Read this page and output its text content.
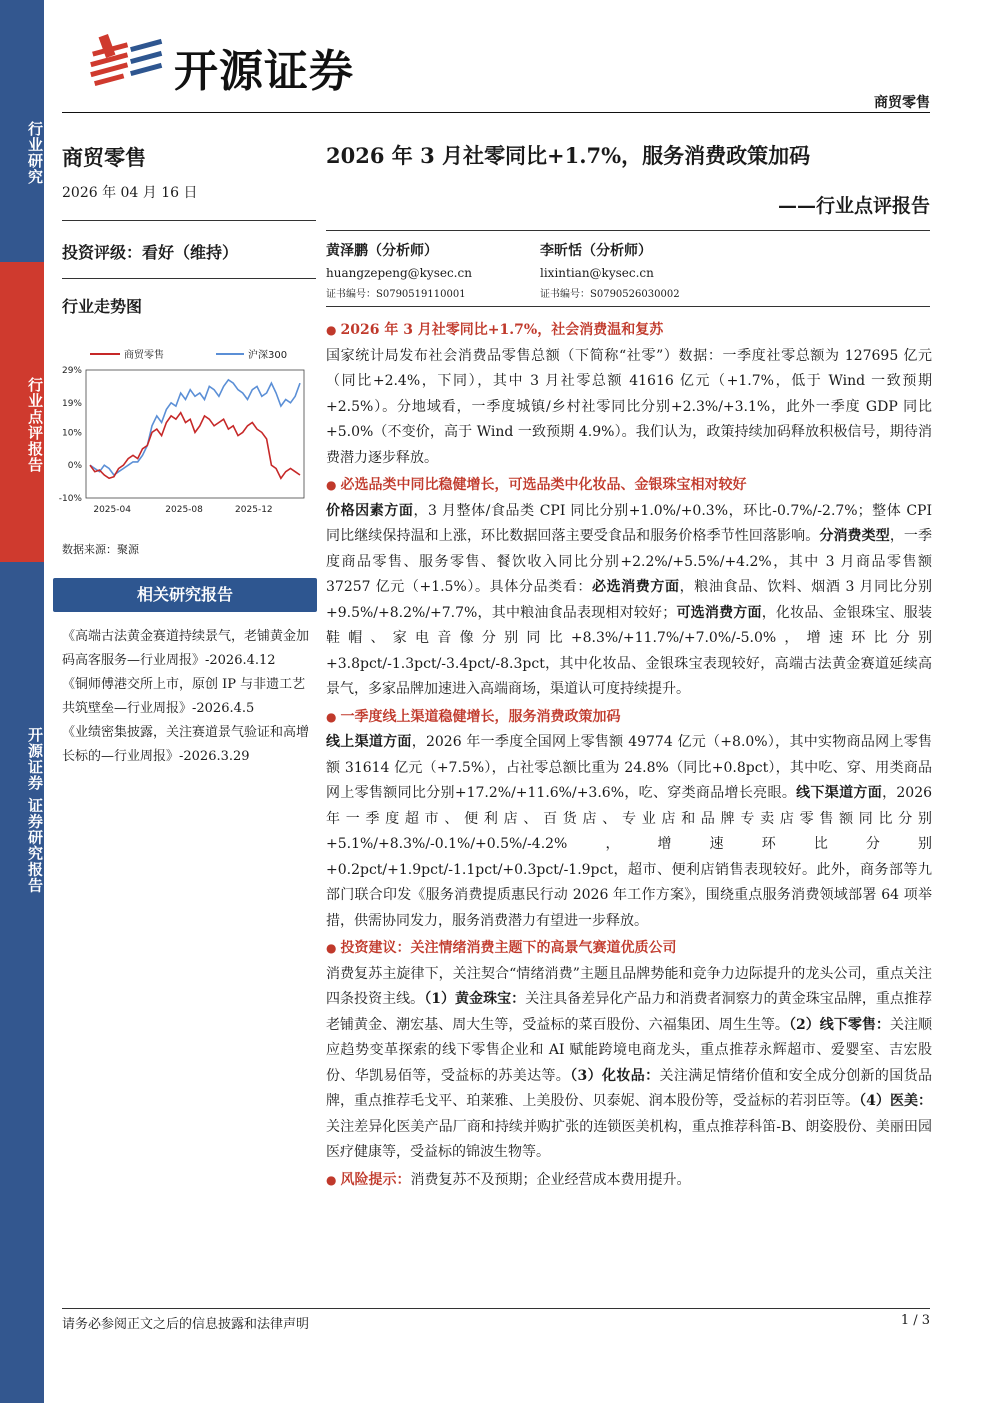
行业研究
行业点评报告
开源证券 证券研究报告
开源证券
商贸零售
商贸零售
2026 年 04 月 16 日
投资评级：看好（维持）
行业走势图
商贸零售	沪深300
29%
19%
10%
0%
-10%
2025-04	2025-08	2025-12
数据来源：聚源
相关研究报告
《高端古法黄金赛道持续景气，老铺黄金加码高客服务—行业周报》-2026.4.12
《铜师傅港交所上市，原创 IP 与非遗工艺共筑壁垒—行业周报》-2026.4.5
《业绩密集披露，关注赛道景气验证和高增长标的—行业周报》-2026.3.29
2026 年 3 月社零同比+1.7%，服务消费政策加码
——行业点评报告
黄泽鹏（分析师）
huangzepeng@kysec.cn
证书编号：S0790519110001
李昕恬（分析师）
lixintian@kysec.cn
证书编号：S0790526030002
● 2026 年 3 月社零同比+1.7%，社会消费温和复苏
国家统计局发布社会消费品零售总额（下简称“社零”）数据：一季度社零总额为 127695 亿元（同比+2.4%，下同），其中 3 月社零总额 41616 亿元（+1.7%，低于 Wind 一致预期+2.5%）。分地域看，一季度城镇/乡村社零同比分别+2.3%/+3.1%，此外一季度 GDP 同比+5.0%（不变价，高于 Wind 一致预期 4.9%）。我们认为，政策持续加码释放积极信号，期待消费潜力逐步释放。
● 必选品类中同比稳健增长，可选品类中化妆品、金银珠宝相对较好
价格因素方面，3 月整体/食品类 CPI 同比分别+1.0%/+0.3%，环比-0.7%/-2.7%；整体 CPI 同比继续保持温和上涨，环比数据回落主要受食品和服务价格季节性回落影响。分消费类型，一季度商品零售、服务零售、餐饮收入同比分别+2.2%/+5.5%/+4.2%，其中 3 月商品零售额 37257 亿元（+1.5%）。具体分品类看：必选消费方面，粮油食品、饮料、烟酒 3 月同比分别+9.5%/+8.2%/+7.7%，其中粮油食品表现相对较好；可选消费方面，化妆品、金银珠宝、服装鞋帽、家电音像分别同比+8.3%/+11.7%/+7.0%/-5.0%，增速环比分别+3.8pct/-1.3pct/-3.4pct/-8.3pct，其中化妆品、金银珠宝表现较好，高端古法黄金赛道延续高景气，多家品牌加速进入高端商场，渠道认可度持续提升。
● 一季度线上渠道稳健增长，服务消费政策加码
线上渠道方面，2026 年一季度全国网上零售额 49774 亿元（+8.0%），其中实物商品网上零售额 31614 亿元（+7.5%），占社零总额比重为 24.8%（同比+0.8pct），其中吃、穿、用类商品网上零售额同比分别+17.2%/+11.6%/+3.6%，吃、穿类商品增长亮眼。线下渠道方面，2026 年一季度超市、便利店、百货店、专业店和品牌专卖店零售额同比分别+5.1%/+8.3%/-0.1%/+0.5%/-4.2%，增速环比分别+0.2pct/+1.9pct/-1.1pct/+0.3pct/-1.9pct，超市、便利店销售表现较好。此外，商务部等九部门联合印发《服务消费提质惠民行动 2026 年工作方案》，围绕重点服务消费领域部署 64 项举措，供需协同发力，服务消费潜力有望进一步释放。
● 投资建议：关注情绪消费主题下的高景气赛道优质公司
消费复苏主旋律下，关注契合“情绪消费”主题且品牌势能和竞争力边际提升的龙头公司，重点关注四条投资主线。（1）黄金珠宝：关注具备差异化产品力和消费者洞察力的黄金珠宝品牌，重点推荐老铺黄金、潮宏基、周大生等，受益标的菜百股份、六福集团、周生生等。（2）线下零售：关注顺应趋势变革探索的线下零售企业和 AI 赋能跨境电商龙头，重点推荐永辉超市、爱婴室、吉宏股份、华凯易佰等，受益标的苏美达等。（3）化妆品：关注满足情绪价值和安全成分创新的国货品牌，重点推荐毛戈平、珀莱雅、上美股份、贝泰妮、润本股份等，受益标的若羽臣等。（4）医美：关注差异化医美产品厂商和持续并购扩张的连锁医美机构，重点推荐科笛-B、朗姿股份、美丽田园医疗健康等，受益标的锦波生物等。
● 风险提示：消费复苏不及预期；企业经营成本费用提升。
请务必参阅正文之后的信息披露和法律声明	1 / 3
